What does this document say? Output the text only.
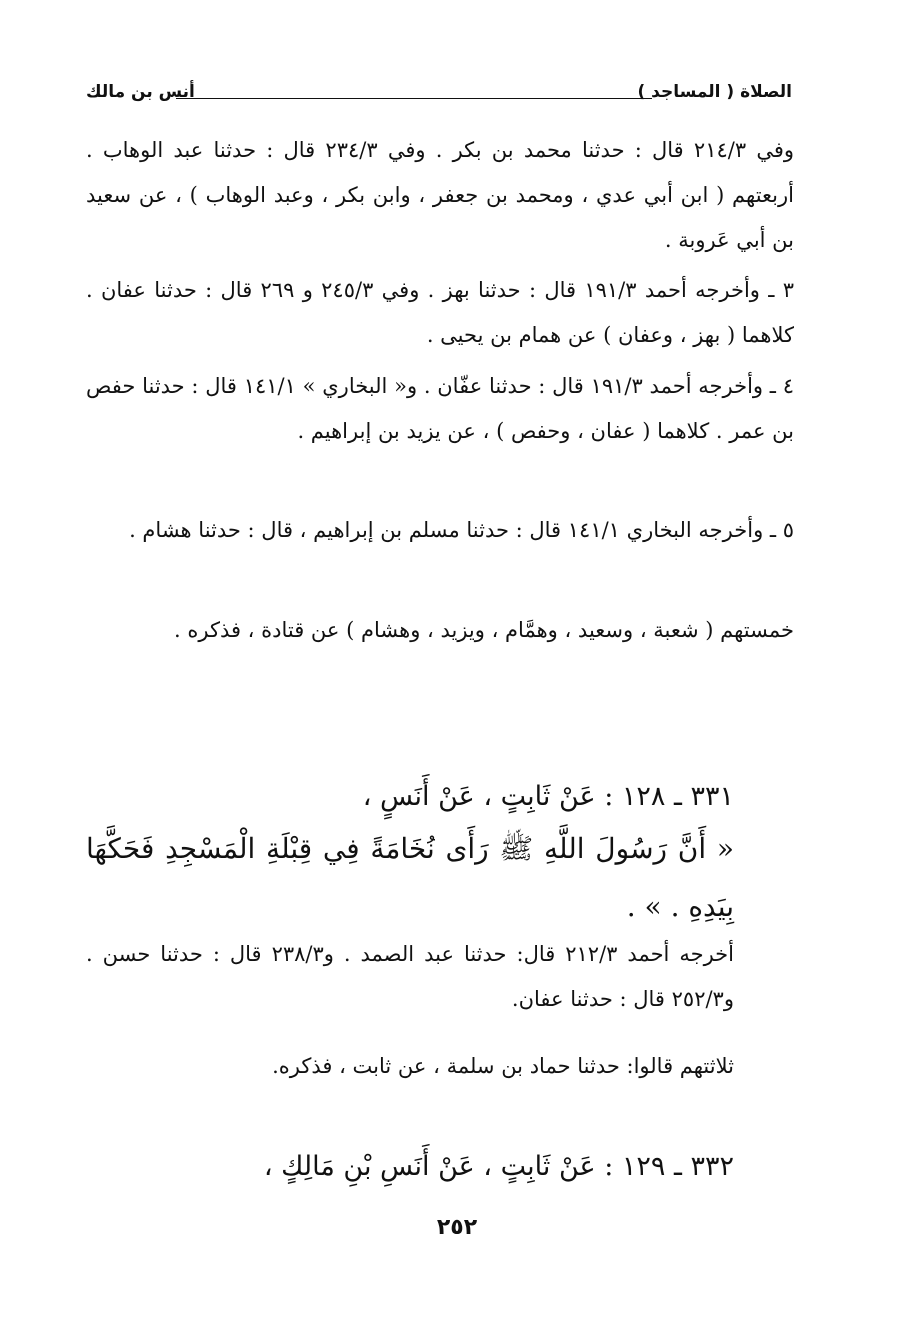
الصلاة ( المساجد )
أنس بن مالك

وفي ٢١٤/٣ قال : حدثنا محمد بن بكر . وفي ٢٣٤/٣ قال : حدثنا عبد الوهاب . أربعتهم ( ابن أبي عدي ، ومحمد بن جعفر ، وابن بكر ، وعبد الوهاب ) ، عن سعيد بن أبي عَروبة .

٣ ـ وأخرجه أحمد ١٩١/٣ قال : حدثنا بهز . وفي ٢٤٥/٣ و ٢٦٩ قال : حدثنا عفان . كلاهما ( بهز ، وعفان ) عن همام بن يحيى .

٤ ـ وأخرجه أحمد ١٩١/٣ قال : حدثنا عفّان . و« البخاري » ١٤١/١ قال : حدثنا حفص بن عمر . كلاهما ( عفان ، وحفص ) ، عن يزيد بن إبراهيم .

٥ ـ وأخرجه البخاري ١٤١/١ قال : حدثنا مسلم بن إبراهيم ، قال : حدثنا هشام .

خمستهم ( شعبة ، وسعيد ، وهمَّام ، ويزيد ، وهشام ) عن قتادة ، فذكره .

٣٣١ ـ ١٢٨ : عَنْ ثَابِتٍ ، عَنْ أَنَسٍ ،

« أَنَّ رَسُولَ اللَّهِ ﷺ رَأَى نُخَامَةً فِي قِبْلَةِ الْمَسْجِدِ فَحَكَّهَا بِيَدِهِ . » .

أخرجه أحمد ٢١٢/٣ قال: حدثنا عبد الصمد . و٢٣٨/٣ قال : حدثنا حسن . و٢٥٢/٣ قال : حدثنا عفان.

ثلاثتهم قالوا: حدثنا حماد بن سلمة ، عن ثابت ، فذكره.

٣٣٢ ـ ١٢٩ : عَنْ ثَابِتٍ ، عَنْ أَنَسِ بْنِ مَالِكٍ ،

٢٥٢
